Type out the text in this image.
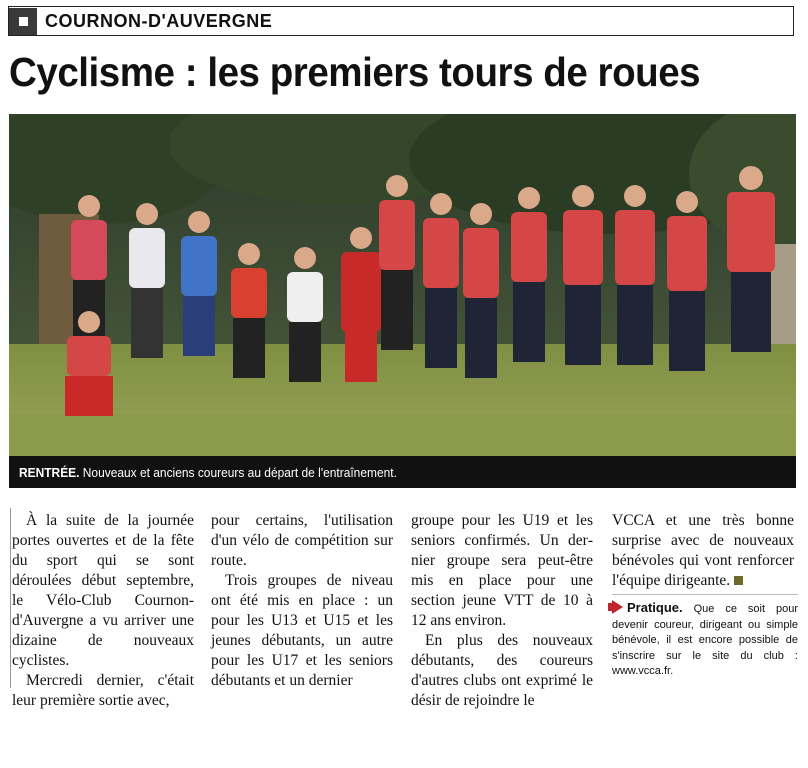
COURNON-D'AUVERGNE
Cyclisme : les premiers tours de roues
RENTRÉE. Nouveaux et anciens coureurs au départ de l'entraînement.

À la suite de la journée portes ouvertes et de la fête du sport qui se sont déroulées début septembre, le Vélo-Club Cournon-d'Auvergne a vu arriver une dizaine de nouveaux cyclistes.

Mercredi dernier, c'était leur première sortie avec,

pour certains, l'utilisation d'un vélo de compétition sur route.

Trois groupes de niveau ont été mis en place : un pour les U13 et U15 et les jeunes débutants, un autre pour les U17 et les seniors débutants et un dernier

groupe pour les U19 et les seniors confirmés. Un dernier groupe sera peut-être mis en place pour une section jeune VTT de 10 à 12 ans environ.

En plus des nouveaux débutants, des coureurs d'autres clubs ont exprimé le désir de rejoindre le

VCCA et une très bonne surprise avec de nouveaux bénévoles qui vont renforcer l'équipe dirigeante.

Pratique. Que ce soit pour devenir coureur, dirigeant ou simple bénévole, il est encore possible de s'inscrire sur le site du club : www.vcca.fr.
